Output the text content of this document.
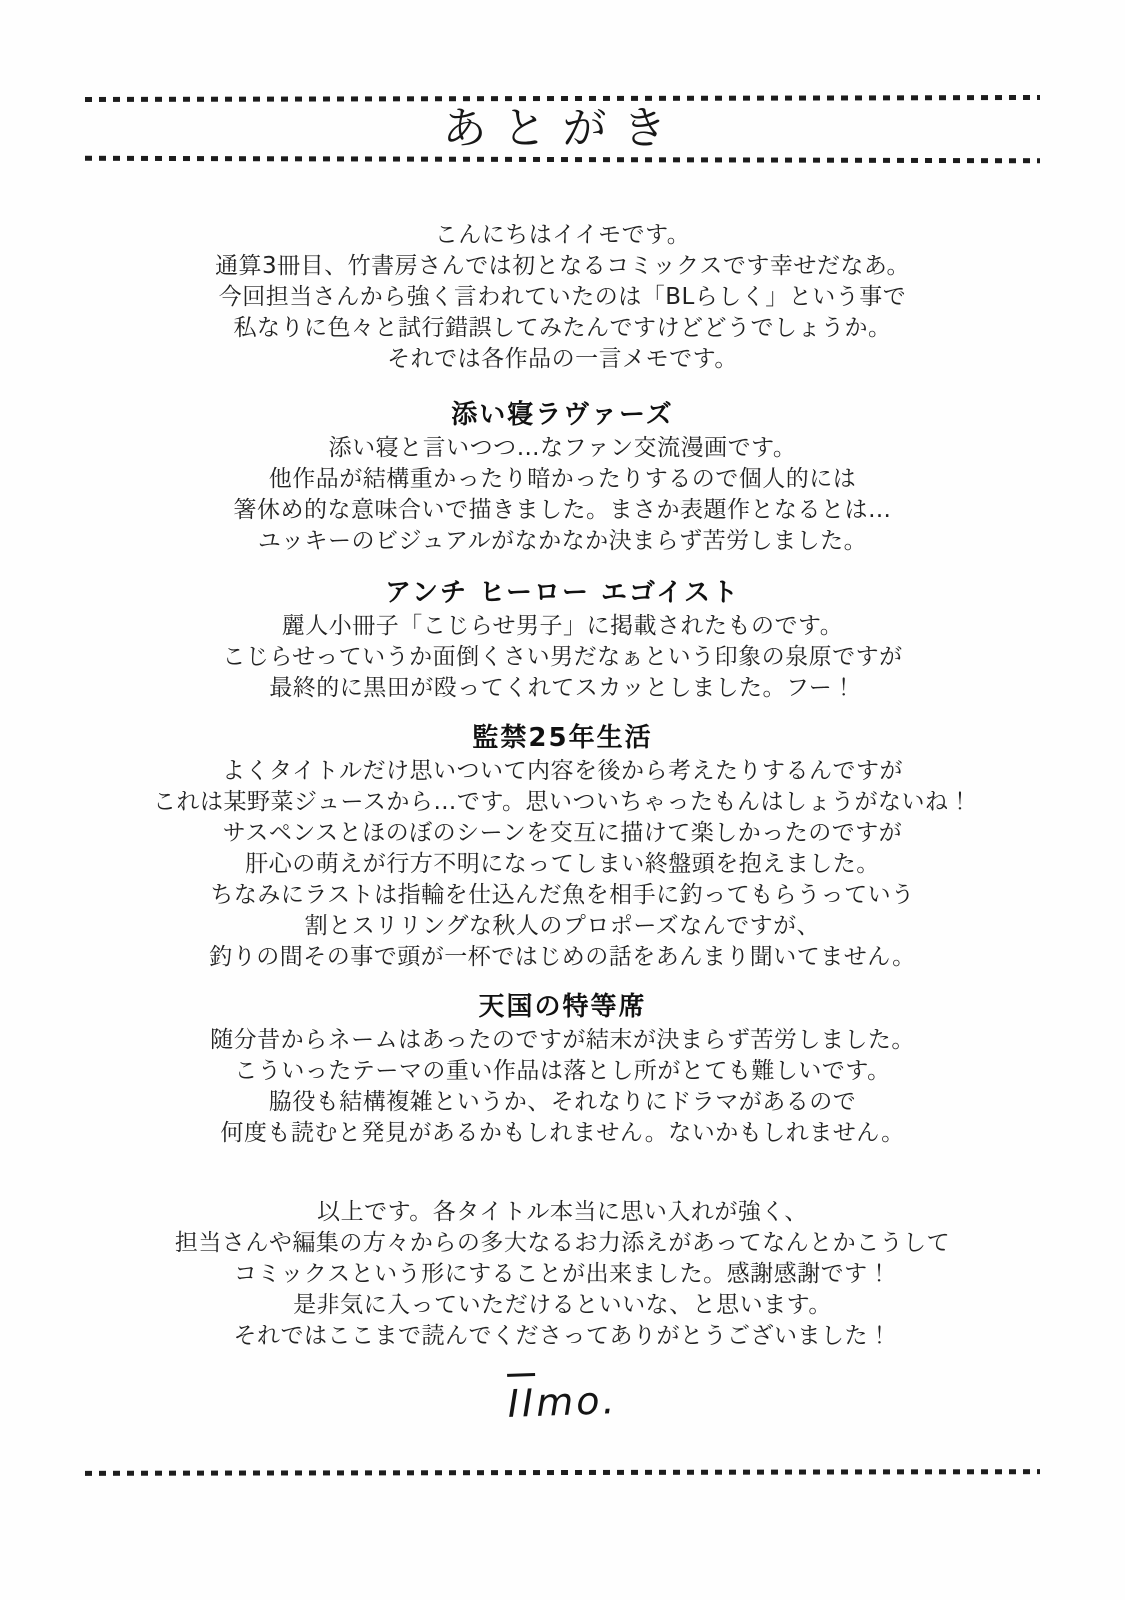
あとがき

こんにちはイイモです。

通算3冊目、竹書房さんでは初となるコミックスです幸せだなあ。

今回担当さんから強く言われていたのは「BLらしく」という事で

私なりに色々と試行錯誤してみたんですけどどうでしょうか。

それでは各作品の一言メモです。

添い寝ラヴァーズ

添い寝と言いつつ…なファン交流漫画です。

他作品が結構重かったり暗かったりするので個人的には

箸休め的な意味合いで描きました。まさか表題作となるとは…

ユッキーのビジュアルがなかなか決まらず苦労しました。

アンチ ヒーロー エゴイスト

麗人小冊子「こじらせ男子」に掲載されたものです。

こじらせっていうか面倒くさい男だなぁという印象の泉原ですが

最終的に黒田が殴ってくれてスカッとしました。フー！

監禁25年生活

よくタイトルだけ思いついて内容を後から考えたりするんですが

これは某野菜ジュースから…です。思いついちゃったもんはしょうがないね！

サスペンスとほのぼのシーンを交互に描けて楽しかったのですが

肝心の萌えが行方不明になってしまい終盤頭を抱えました。

ちなみにラストは指輪を仕込んだ魚を相手に釣ってもらうっていう

割とスリリングな秋人のプロポーズなんですが、

釣りの間その事で頭が一杯ではじめの話をあんまり聞いてません。

天国の特等席

随分昔からネームはあったのですが結末が決まらず苦労しました。

こういったテーマの重い作品は落とし所がとても難しいです。

脇役も結構複雑というか、それなりにドラマがあるので

何度も読むと発見があるかもしれません。ないかもしれません。

以上です。各タイトル本当に思い入れが強く、

担当さんや編集の方々からの多大なるお力添えがあってなんとかこうして

コミックスという形にすることが出来ました。感謝感謝です！

是非気に入っていただけるといいな、と思います。

それではここまで読んでくださってありがとうございました！

IImo.
